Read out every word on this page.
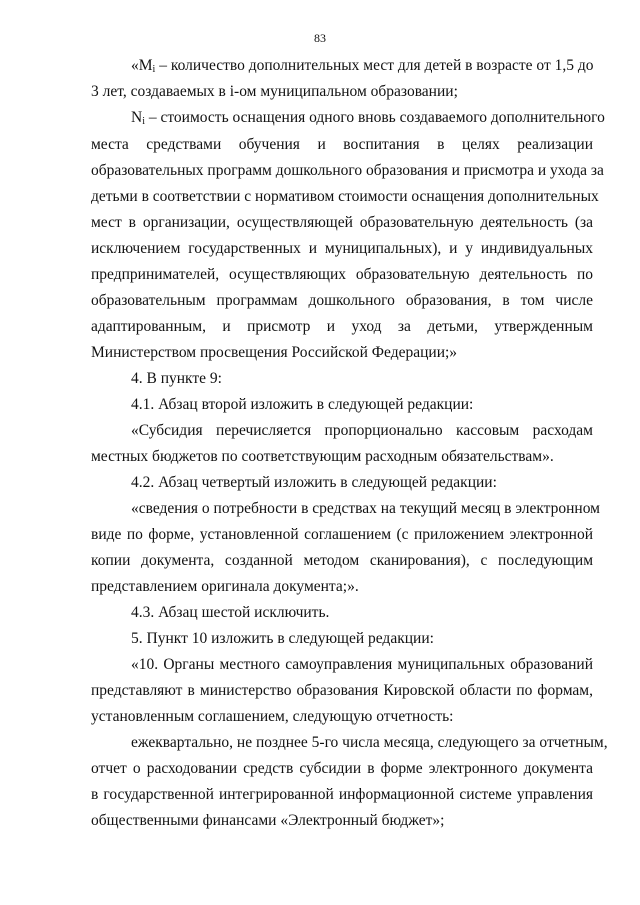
83
«$M_i$ – количество дополнительных мест для детей в возрасте от 1,5 до
3 лет, создаваемых в i-ом муниципальном образовании;
$N_i$ – стоимость оснащения одного вновь создаваемого дополнительного
места средствами обучения и воспитания в целях реализации
образовательных программ дошкольного образования и присмотра и ухода за
детьми в соответствии с нормативом стоимости оснащения дополнительных
мест в организации, осуществляющей образовательную деятельность (за
исключением государственных и муниципальных), и у индивидуальных
предпринимателей, осуществляющих образовательную деятельность по
образовательным программам дошкольного образования, в том числе
адаптированным, и присмотр и уход за детьми, утвержденным
Министерством просвещения Российской Федерации;»
4. В пункте 9:
4.1. Абзац второй изложить в следующей редакции:
«Субсидия перечисляется пропорционально кассовым расходам
местных бюджетов по соответствующим расходным обязательствам».
4.2. Абзац четвертый изложить в следующей редакции:
«сведения о потребности в средствах на текущий месяц в электронном
виде по форме, установленной соглашением (с приложением электронной
копии документа, созданной методом сканирования), с последующим
представлением оригинала документа;».
4.3. Абзац шестой исключить.
5. Пункт 10 изложить в следующей редакции:
«10. Органы местного самоуправления муниципальных образований
представляют в министерство образования Кировской области по формам,
установленным соглашением, следующую отчетность:
ежеквартально, не позднее 5-го числа месяца, следующего за отчетным,
отчет о расходовании средств субсидии в форме электронного документа
в государственной интегрированной информационной системе управления
общественными финансами «Электронный бюджет»;
